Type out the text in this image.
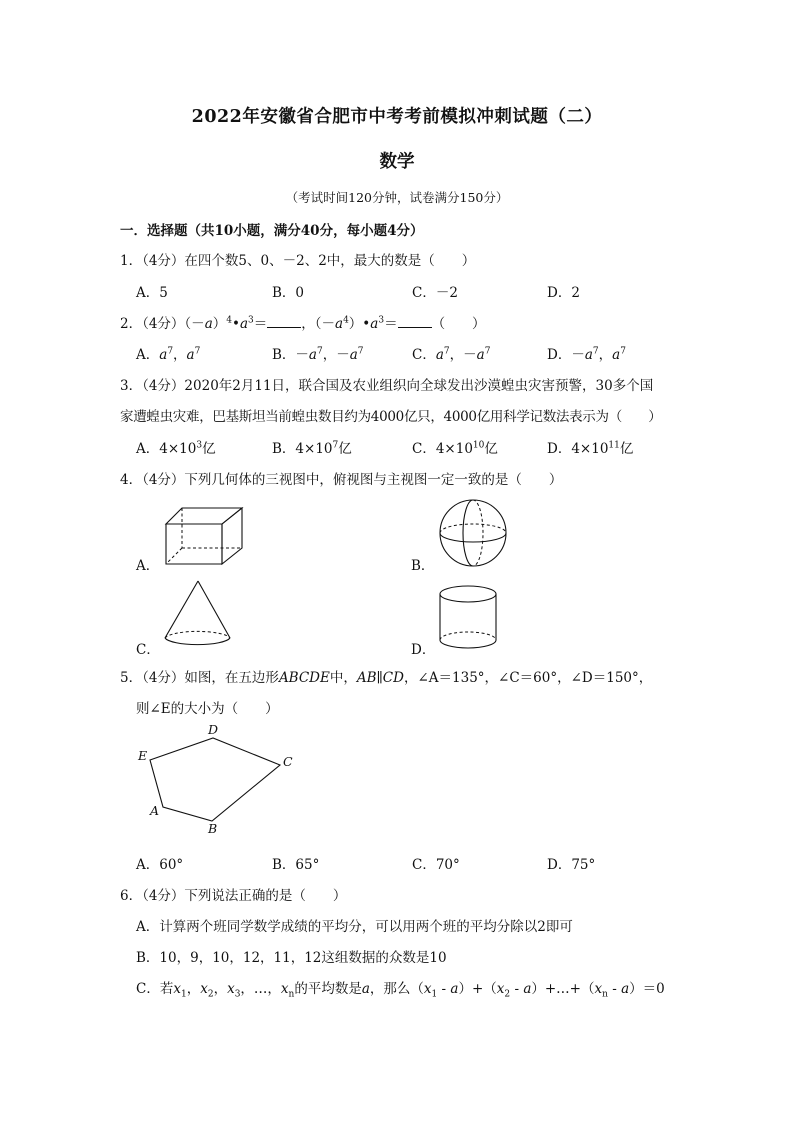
2022年安徽省合肥市中考考前模拟冲刺试题（二）
数学
（考试时间120分钟，试卷满分150分）
一．选择题（共10小题，满分40分，每小题4分）
1．（4分）在四个数5、0、－2、2中，最大的数是（　　）
A．5	B．0	C．－2	D．2
2．（4分）$(-a)^4•a^3=$	，$(-a^4)•a^3=$	（　　）
A．$a^7$，$a^7$	B．$-a^7$，$-a^7$	C．$a^7$，$-a^7$	D．$-a^7$，$a^7$
3．（4分）2020年2月11日，联合国及农业组织向全球发出沙漠蝗虫灾害预警，30多个国
家遭蝗虫灾难，巴基斯坦当前蝗虫数目约为4000亿只，4000亿用科学记数法表示为（　　）
A．$4\times 10^3$亿	B．$4\times 10^7$亿	C．$4\times 10^{10}$亿	D．$4\times 10^{11}$亿
4．（4分）下列几何体的三视图中，俯视图与主视图一定一致的是（　　）
A．	B．
C．	D．
5．（4分）如图，在五边形ABCDE中，AB∥CD，∠A＝135°，∠C＝60°，∠D＝150°，
则∠E的大小为（　　）
E
D
C
A
B
A．60°	B．65°	C．70°	D．75°
6．（4分）下列说法正确的是（　　）
A．计算两个班同学数学成绩的平均分，可以用两个班的平均分除以2即可
B．10，9，10，12，11，12这组数据的众数是10
C．若$x_1$，$x_2$，$x_3$，…，$x_n$的平均数是a，那么$(x_1 - a)+(x_2$ - $a)+\dots+(x_n - a)=0$
